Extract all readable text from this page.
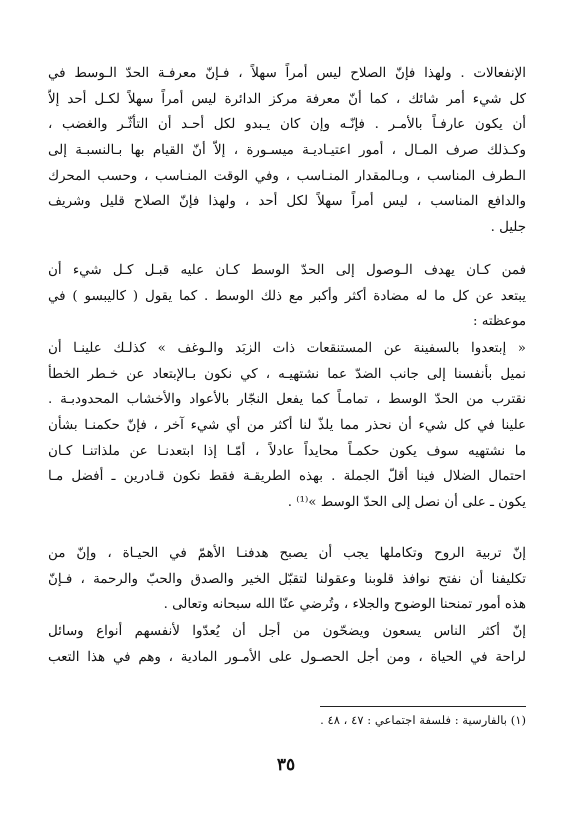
الإنفعالات . ولهذا فإنّ الصلاح ليس أمراً سهلاً ، فـإنّ معرفـة الحدّ الـوسط في
كل شيء أمر شائك ، كما أنّ معرفة مركز الدائرة ليس أمراً سهلاً لكـل أحد إلاّ
أن يكون عارفـاً بالأمـر . فإنّـه وإن كان يـبدو لكل أحـد أن التأثّـر والغضب ،
وكـذلك صرف المـال ، أمور اعتيـاديـة ميسـورة ، إلاّ أنّ القيام بها بـالنسبـة إلى
الـطرف المناسب ، وبـالمقدار المنـاسب ، وفي الوقت المنـاسب ، وحسب المحرك
والدافع المناسب ، ليس أمراً سهلاً لكل أحد ، ولهذا فإنّ الصلاح قليل وشريف
جليل .
فمن كـان يهدف الـوصول إلى الحدّ الوسط كـان عليه قبـل كـل شيء أن
يبتعد عن كل ما له مضادة أكثر وأكبر مع ذلك الوسط . كما يقول ( كاليبسو ) في
موعظته :
« إبتعدوا بالسفينة عن المستنقعات ذات الزبَد والـوغف » كذلـك علينـا أن
نميل بأنفسنا إلى جانب الضدّ عما نشتهيـه ، كي نكون بـالإبتعاد عن خـطر الخطأ
نقترب من الحدّ الوسط ، تمامـاً كما يفعل النجّار بالأعواد والأخشاب المحدودبـة .
علينا في كل شيء أن نحذر مما يلذّ لنا أكثر من أي شيء آخر ، فإنّ حكمنـا بشأن
ما نشتهيه سوف يكون حكمـاً محايداً عادلاً ، أمّـا إذا ابتعدنـا عن ملذاتنـا كـان
احتمال الضلال فينا أقلّ الجملة . بهذه الطريقـة فقط نكون قـادرين ـ أفضل مـا
يكون ـ على أن نصل إلى الحدّ الوسط »⁽¹⁾ .
إنّ تربية الروح وتكاملها يجب أن يصبح هدفنـا الأهمّ في الحيـاة ، وإنّ من
تكليفنا أن نفتح نوافذ قلوبنا وعقولنا لتقبّل الخير والصدق والحبّ والرحمة ، فـإنّ
هذه أمور تمنحنا الوضوح والجلاء ، وتُرضي عنّا الله سبحانه وتعالى .
إنّ أكثر الناس يسعون ويضحّون من أجل أن يُعدّوا لأنفسهم أنواع وسائل
لراحة في الحياة ، ومن أجل الحصـول على الأمـور المادية ، وهم في هذا التعب
(١) بالفارسية : فلسفة اجتماعي : ٤٧ ، ٤٨ .
٣٥
